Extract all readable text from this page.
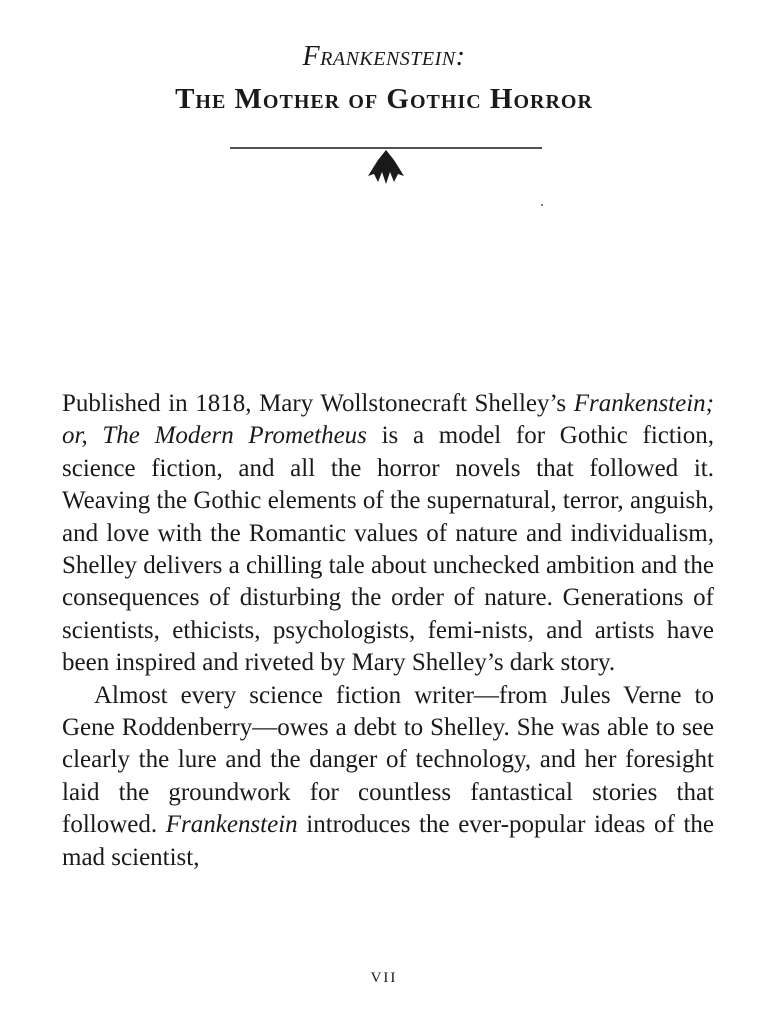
Frankenstein:
The Mother of Gothic Horror

Published in 1818, Mary Wollstonecraft Shelley’s Frankenstein; or, The Modern Prometheus is a model for Gothic fiction, science fiction, and all the horror novels that followed it. Weaving the Gothic elements of the supernatural, terror, anguish, and love with the Romantic values of nature and individualism, Shelley delivers a chilling tale about unchecked ambition and the consequences of disturbing the order of nature. Generations of scientists, ethicists, psychologists, femi-nists, and artists have been inspired and riveted by Mary Shelley’s dark story.

Almost every science fiction writer—from Jules Verne to Gene Roddenberry—owes a debt to Shelley. She was able to see clearly the lure and the danger of technology, and her foresight laid the groundwork for countless fantastical stories that followed. Frankenstein introduces the ever-popular ideas of the mad scientist,

VII
